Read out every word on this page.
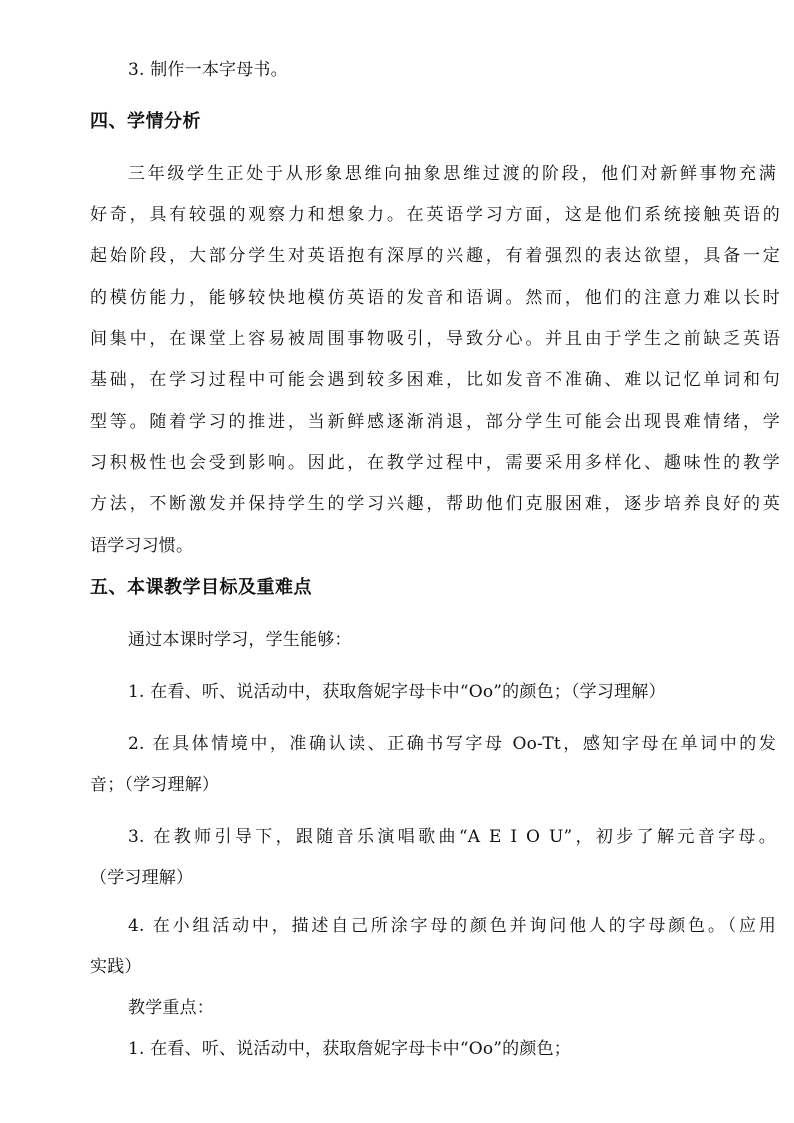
3. 制作一本字母书。
四、学情分析
三年级学生正处于从形象思维向抽象思维过渡的阶段，他们对新鲜事物充满
好奇，具有较强的观察力和想象力。在英语学习方面，这是他们系统接触英语的
起始阶段，大部分学生对英语抱有深厚的兴趣，有着强烈的表达欲望，具备一定
的模仿能力，能够较快地模仿英语的发音和语调。然而，他们的注意力难以长时
间集中，在课堂上容易被周围事物吸引，导致分心。并且由于学生之前缺乏英语
基础，在学习过程中可能会遇到较多困难，比如发音不准确、难以记忆单词和句
型等。随着学习的推进，当新鲜感逐渐消退，部分学生可能会出现畏难情绪，学
习积极性也会受到影响。因此，在教学过程中，需要采用多样化、趣味性的教学
方法，不断激发并保持学生的学习兴趣，帮助他们克服困难，逐步培养良好的英
语学习习惯。
五、本课教学目标及重难点
通过本课时学习，学生能够：
1. 在看、听、说活动中，获取詹妮字母卡中“Oo”的颜色；（学习理解）
2. 在具体情境中，准确认读、正确书写字母 Oo-Tt，感知字母在单词中的发
音；（学习理解）
3. 在教师引导下，跟随音乐演唱歌曲“A E I O U”，初步了解元音字母。
（学习理解）
4. 在小组活动中，描述自己所涂字母的颜色并询问他人的字母颜色。（应用
实践）
教学重点：
1. 在看、听、说活动中，获取詹妮字母卡中“Oo”的颜色；
